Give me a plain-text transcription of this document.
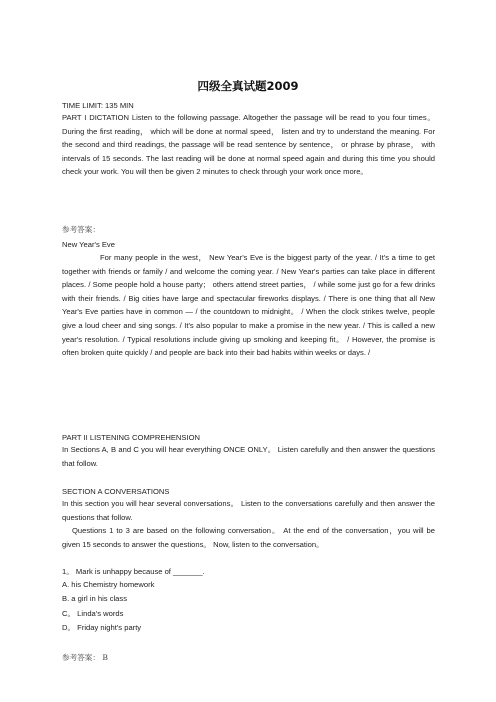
四级全真试题2009
TIME LIMIT: 135 MIN
PART I DICTATION Listen to the following passage. Altogether the passage will be read to you four times。 During the first reading， which will be done at normal speed， listen and try to understand the meaning. For the second and third readings, the passage will be read sentence by sentence， or phrase by phrase， with intervals of 15 seconds. The last reading will be done at normal speed again and during this time you should check your work. You will then be given 2 minutes to check through your work once more。
参考答案：
New Year's Eve
For many people in the west， New Year's Eve is the biggest party of the year. / It's a time to get together with friends or family / and welcome the coming year. / New Year's parties can take place in different places. / Some people hold a house party； others attend street parties， / while some just go for a few drinks with their friends. / Big cities have large and spectacular fireworks displays. / There is one thing that all New Year's Eve parties have in common — / the countdown to midnight。 / When the clock strikes twelve, people give a loud cheer and sing songs. / It's also popular to make a promise in the new year. / This is called a new year's resolution. / Typical resolutions include giving up smoking and keeping fit。 / However, the promise is often broken quite quickly / and people are back into their bad habits within weeks or days. /
PART II LISTENING COMPREHENSION
In Sections A, B and C you will hear everything ONCE ONLY。 Listen carefully and then answer the questions that follow.
SECTION A CONVERSATIONS
In this section you will hear several conversations。 Listen to the conversations carefully and then answer the questions that follow.
Questions 1 to 3 are based on the following conversation。 At the end of the conversation，you will be given 15 seconds to answer the questions。 Now, listen to the conversation。
1。 Mark is unhappy because of _______.
A. his Chemistry homework
B. a girl in his class
C。 Linda's words
D。 Friday night's party
参考答案： B
